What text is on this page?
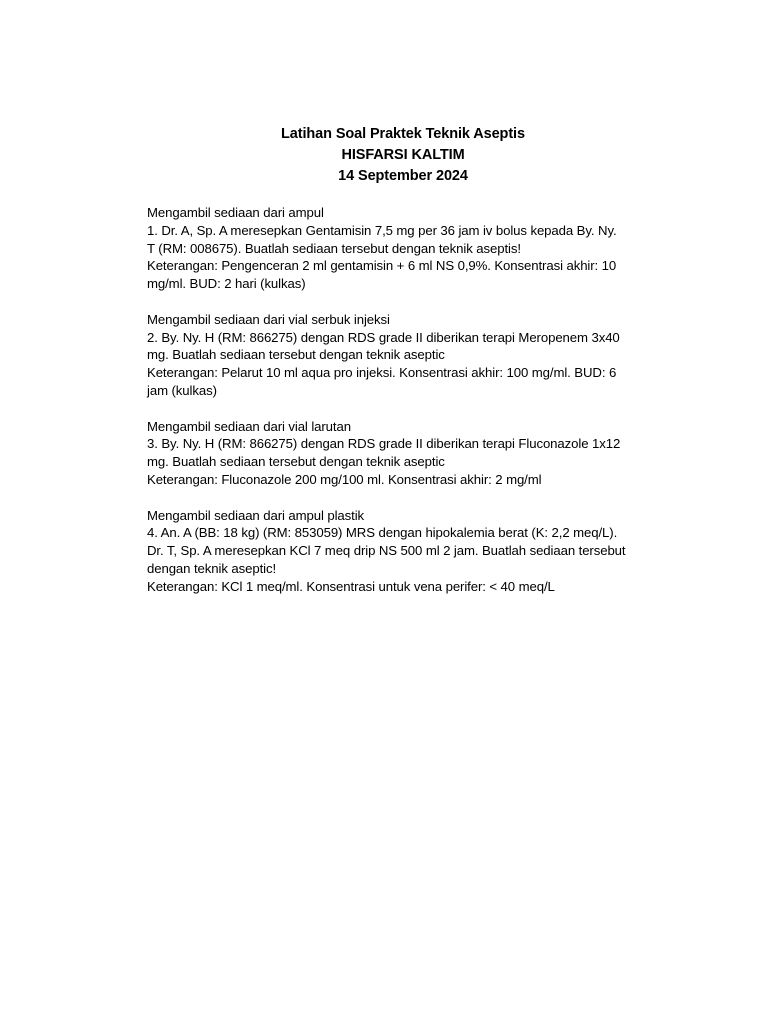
Latihan Soal Praktek Teknik Aseptis
HISFARSI KALTIM
14 September 2024
Mengambil sediaan dari ampul
1. Dr. A, Sp. A meresepkan Gentamisin 7,5 mg per 36 jam iv bolus kepada By. Ny.
T (RM: 008675). Buatlah sediaan tersebut dengan teknik aseptis!
Keterangan: Pengenceran 2 ml gentamisin + 6 ml NS 0,9%. Konsentrasi akhir: 10
mg/ml. BUD: 2 hari (kulkas)
Mengambil sediaan dari vial serbuk injeksi
2. By. Ny. H (RM: 866275) dengan RDS grade II diberikan terapi Meropenem 3x40
mg. Buatlah sediaan tersebut dengan teknik aseptic
Keterangan: Pelarut 10 ml aqua pro injeksi. Konsentrasi akhir: 100 mg/ml. BUD: 6
jam (kulkas)
Mengambil sediaan dari vial larutan
3. By. Ny. H (RM: 866275) dengan RDS grade II diberikan terapi Fluconazole 1x12
mg. Buatlah sediaan tersebut dengan teknik aseptic
Keterangan: Fluconazole 200 mg/100 ml. Konsentrasi akhir: 2 mg/ml
Mengambil sediaan dari ampul plastik
4. An. A (BB: 18 kg) (RM: 853059) MRS dengan hipokalemia berat (K: 2,2 meq/L).
Dr. T, Sp. A meresepkan KCl 7 meq drip NS 500 ml 2 jam. Buatlah sediaan tersebut
dengan teknik aseptic!
Keterangan: KCl 1 meq/ml. Konsentrasi untuk vena perifer: < 40 meq/L
